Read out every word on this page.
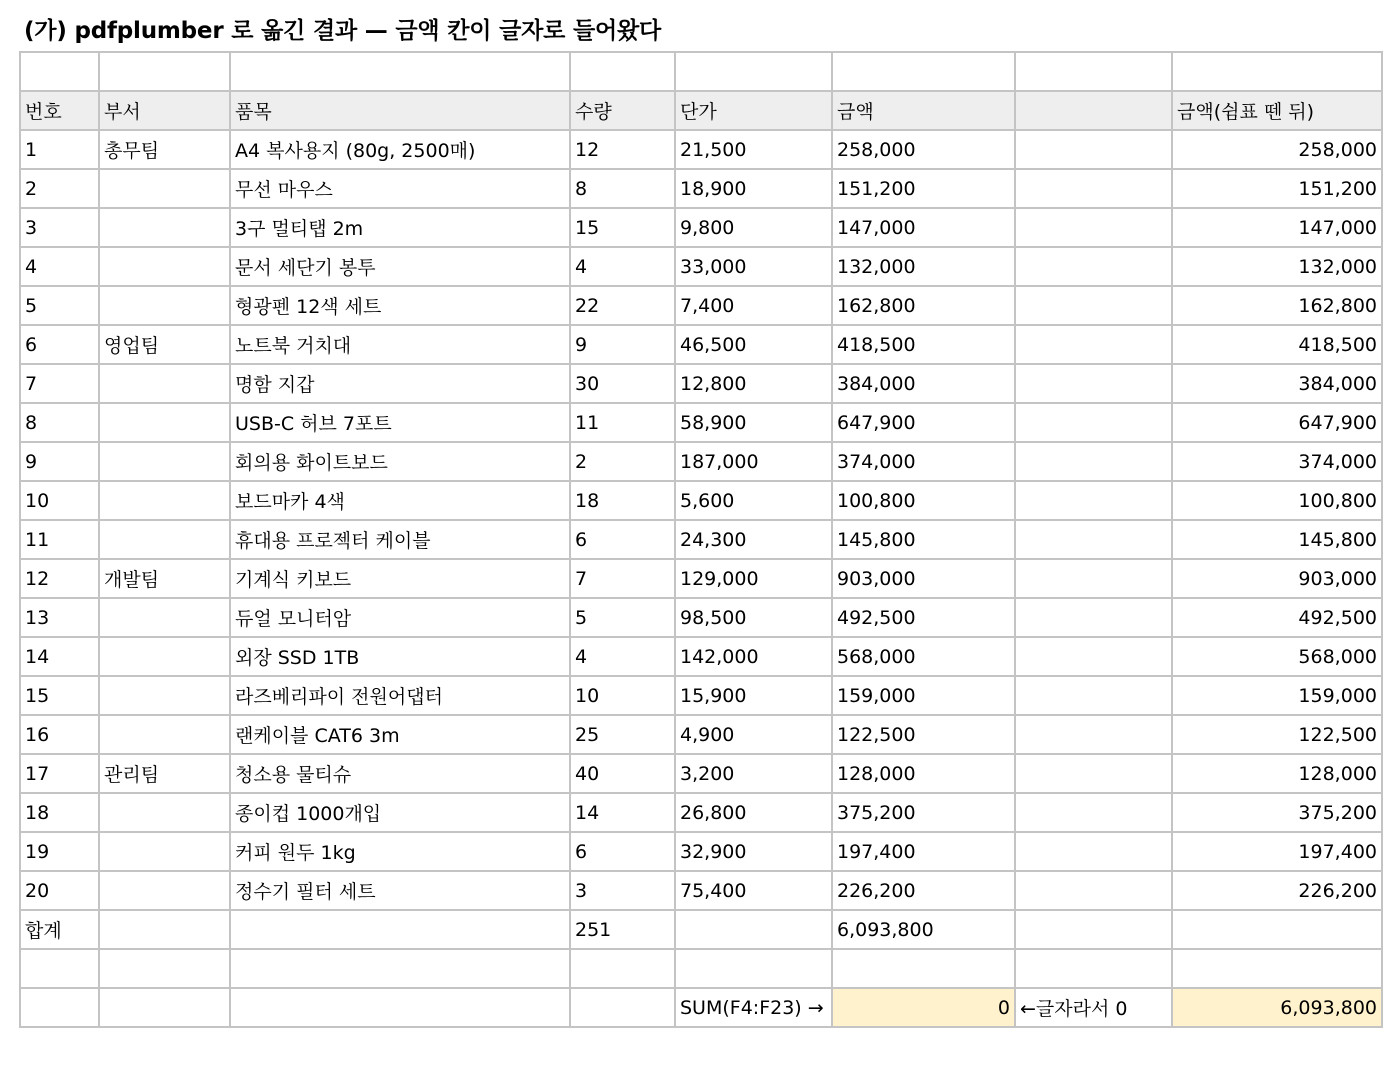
(가) pdfplumber 로 옮긴 결과 — 금액 칸이 글자로 들어왔다

번호	부서	품목	수량	단가	금액		금액(쉼표 뗀 뒤)
1	총무팀	A4 복사용지 (80g, 2500매)	12	21,500	258,000		258,000
2		무선 마우스	8	18,900	151,200		151,200
3		3구 멀티탭 2m	15	9,800	147,000		147,000
4		문서 세단기 봉투	4	33,000	132,000		132,000
5		형광펜 12색 세트	22	7,400	162,800		162,800
6	영업팀	노트북 거치대	9	46,500	418,500		418,500
7		명함 지갑	30	12,800	384,000		384,000
8		USB-C 허브 7포트	11	58,900	647,900		647,900
9		회의용 화이트보드	2	187,000	374,000		374,000
10		보드마카 4색	18	5,600	100,800		100,800
11		휴대용 프로젝터 케이블	6	24,300	145,800		145,800
12	개발팀	기계식 키보드	7	129,000	903,000		903,000
13		듀얼 모니터암	5	98,500	492,500		492,500
14		외장 SSD 1TB	4	142,000	568,000		568,000
15		라즈베리파이 전원어댑터	10	15,900	159,000		159,000
16		랜케이블 CAT6 3m	25	4,900	122,500		122,500
17	관리팀	청소용 물티슈	40	3,200	128,000		128,000
18		종이컵 1000개입	14	26,800	375,200		375,200
19		커피 원두 1kg	6	32,900	197,400		197,400
20		정수기 필터 세트	3	75,400	226,200		226,200
합계			251		6,093,800		

				SUM(F4:F23) →	0	←글자라서 0	6,093,800
